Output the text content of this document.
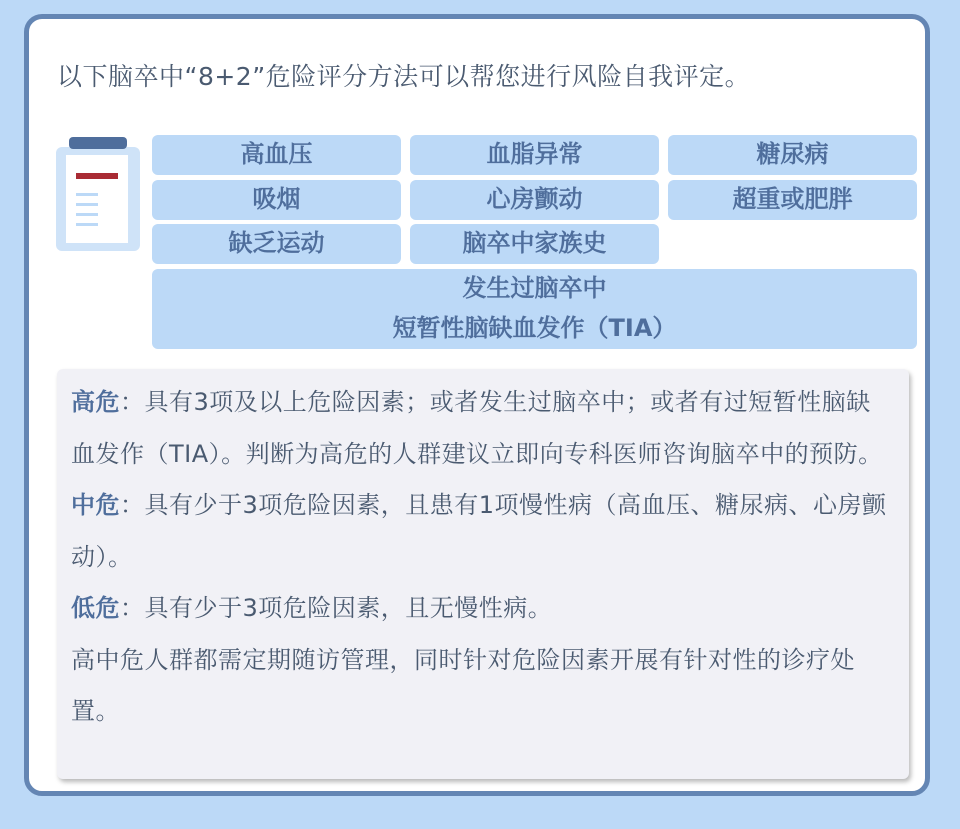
以下脑卒中“8+2”危险评分方法可以帮您进行风险自我评定。
高血压	血脂异常	糖尿病
吸烟	心房颤动	超重或肥胖
缺乏运动	脑卒中家族史
发生过脑卒中
短暂性脑缺血发作（TIA）

高危：具有3项及以上危险因素；或者发生过脑卒中；或者有过短暂性脑缺血发作（TIA）。判断为高危的人群建议立即向专科医师咨询脑卒中的预防。

中危：具有少于3项危险因素，且患有1项慢性病（高血压、糖尿病、心房颤动）。

低危：具有少于3项危险因素，且无慢性病。

高中危人群都需定期随访管理，同时针对危险因素开展有针对性的诊疗处置。
